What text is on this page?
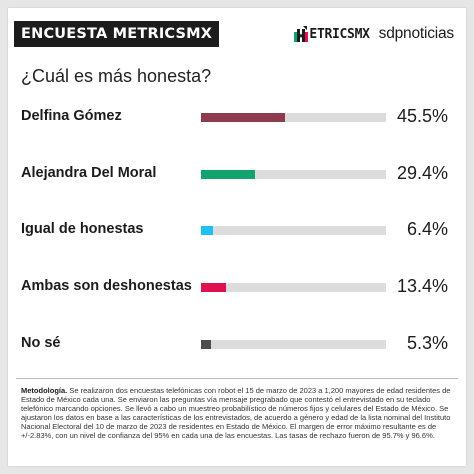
ENCUESTA METRICSMX	ETRICSMX sdpnoticias
¿Cuál es más honesta?
Delfina Gómez	45.5%
Alejandra Del Moral	29.4%
Igual de honestas	6.4%
Ambas son deshonestas	13.4%
No sé	5.3%
Metodología. Se realizaron dos encuestas telefónicas con robot el 15 de marzo de 2023 a 1,200 mayores de edad residentes de Estado de México cada una. Se enviaron las preguntas vía mensaje pregrabado que contestó el entrevistado en su teclado telefónico marcando opciones. Se llevó a cabo un muestreo probabilístico de números fijos y celulares del Estado de México. Se ajustaron los datos en base a las características de los entrevistados, de acuerdo a género y edad de la lista nominal del Instituto Nacional Electoral del 10 de marzo de 2023 de residentes en Estado de México. El margen de error máximo resultante es de +/-2.83%, con un nivel de confianza del 95% en cada una de las encuestas. Las tasas de rechazo fueron de 95.7% y 96.6%.
